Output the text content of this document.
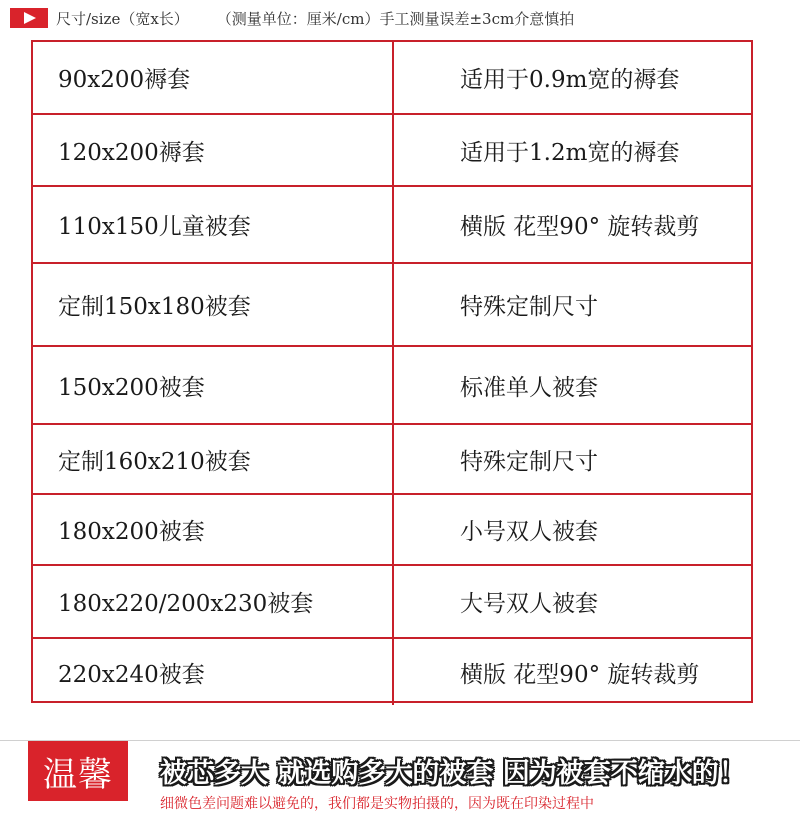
尺寸/size（宽x长） （测量单位：厘米/cm）手工测量误差±3cm介意慎拍
90x200褥套	适用于0.9m宽的褥套
120x200褥套	适用于1.2m宽的褥套
110x150儿童被套	横版 花型90° 旋转裁剪
定制150x180被套	特殊定制尺寸
150x200被套	标准单人被套
定制160x210被套	特殊定制尺寸
180x200被套	小号双人被套
180x220/200x230被套	大号双人被套
220x240被套	横版 花型90° 旋转裁剪
温馨	被芯多大 就选购多大的被套 因为被套不缩水的！
细微色差问题难以避免的，我们都是实物拍摄的，因为既在印染过程中
